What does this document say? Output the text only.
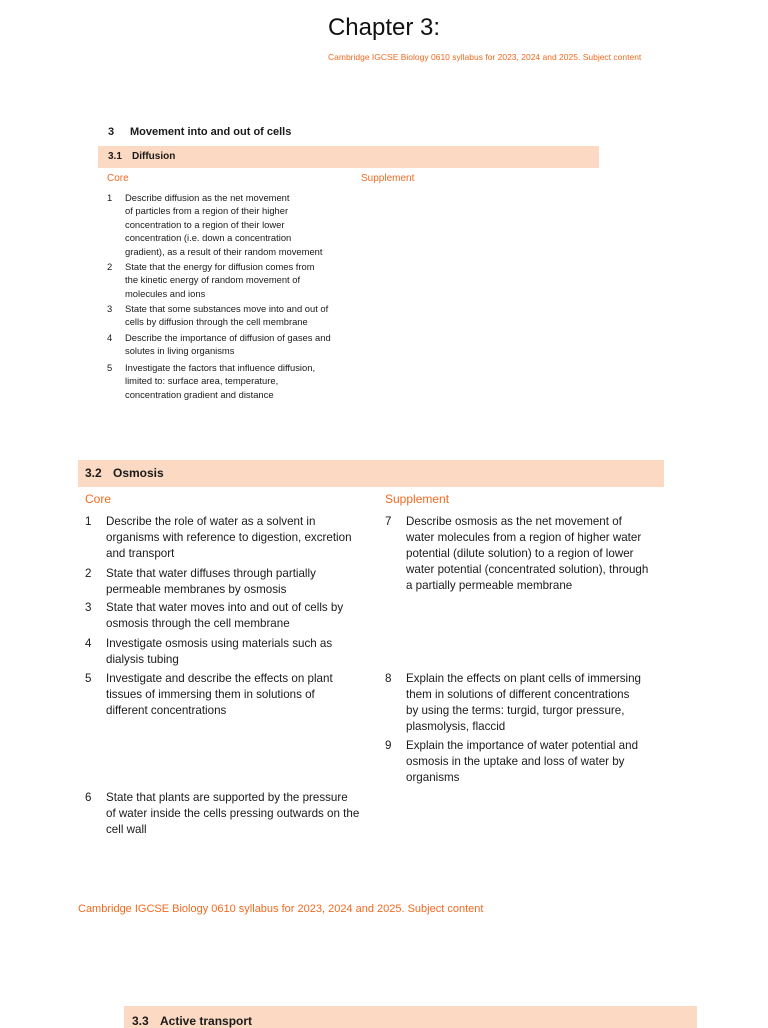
Chapter 3:
Cambridge IGCSE Biology 0610 syllabus for 2023, 2024 and 2025. Subject content
3 Movement into and out of cells
3.1 Diffusion
Core	Supplement
1 Describe diffusion as the net movement
of particles from a region of their higher
concentration to a region of their lower
concentration (i.e. down a concentration
gradient), as a result of their random movement
2 State that the energy for diffusion comes from
the kinetic energy of random movement of
molecules and ions
3 State that some substances move into and out of
cells by diffusion through the cell membrane
4 Describe the importance of diffusion of gases and
solutes in living organisms
5 Investigate the factors that influence diffusion,
limited to: surface area, temperature,
concentration gradient and distance
3.2 Osmosis
Core	Supplement
1 Describe the role of water as a solvent in
organisms with reference to digestion, excretion
and transport
2 State that water diffuses through partially
permeable membranes by osmosis
3 State that water moves into and out of cells by
osmosis through the cell membrane
4 Investigate osmosis using materials such as
dialysis tubing
5 Investigate and describe the effects on plant
tissues of immersing them in solutions of
different concentrations
6 State that plants are supported by the pressure
of water inside the cells pressing outwards on the
cell wall
7 Describe osmosis as the net movement of
water molecules from a region of higher water
potential (dilute solution) to a region of lower
water potential (concentrated solution), through
a partially permeable membrane
8 Explain the effects on plant cells of immersing
them in solutions of different concentrations
by using the terms: turgid, turgor pressure,
plasmolysis, flaccid
9 Explain the importance of water potential and
osmosis in the uptake and loss of water by
organisms
Cambridge IGCSE Biology 0610 syllabus for 2023, 2024 and 2025. Subject content
3.3 Active transport
